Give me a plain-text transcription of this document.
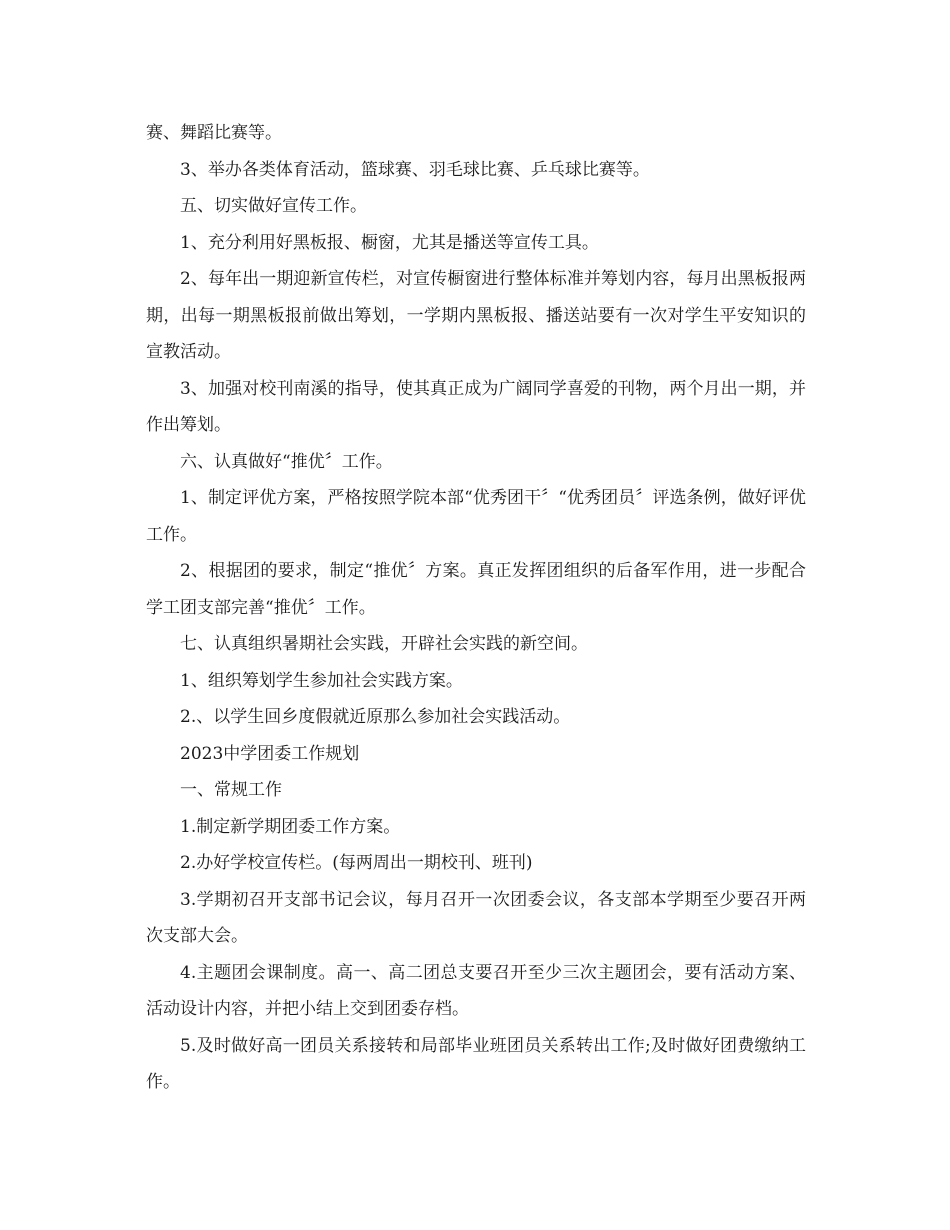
赛、舞蹈比赛等。

3、举办各类体育活动，篮球赛、羽毛球比赛、乒乓球比赛等。

五、切实做好宣传工作。

1、充分利用好黑板报、橱窗，尤其是播送等宣传工具。

2、每年出一期迎新宣传栏，对宣传橱窗进行整体标准并筹划内容，每月出黑板报两期，出每一期黑板报前做出筹划，一学期内黑板报、播送站要有一次对学生平安知识的宣教活动。

3、加强对校刊南溪的指导，使其真正成为广阔同学喜爱的刊物，两个月出一期，并作出筹划。

六、认真做好“推优〞工作。

1、制定评优方案，严格按照学院本部“优秀团干〞“优秀团员〞评选条例，做好评优工作。

2、根据团的要求，制定“推优〞方案。真正发挥团组织的后备军作用，进一步配合学工团支部完善“推优〞工作。

七、认真组织暑期社会实践，开辟社会实践的新空间。

1、组织筹划学生参加社会实践方案。

2.、以学生回乡度假就近原那么参加社会实践活动。

2023中学团委工作规划

一、常规工作

1.制定新学期团委工作方案。

2.办好学校宣传栏。(每两周出一期校刊、班刊)

3.学期初召开支部书记会议，每月召开一次团委会议，各支部本学期至少要召开两次支部大会。

4.主题团会课制度。高一、高二团总支要召开至少三次主题团会，要有活动方案、活动设计内容，并把小结上交到团委存档。

5.及时做好高一团员关系接转和局部毕业班团员关系转出工作;及时做好团费缴纳工作。
